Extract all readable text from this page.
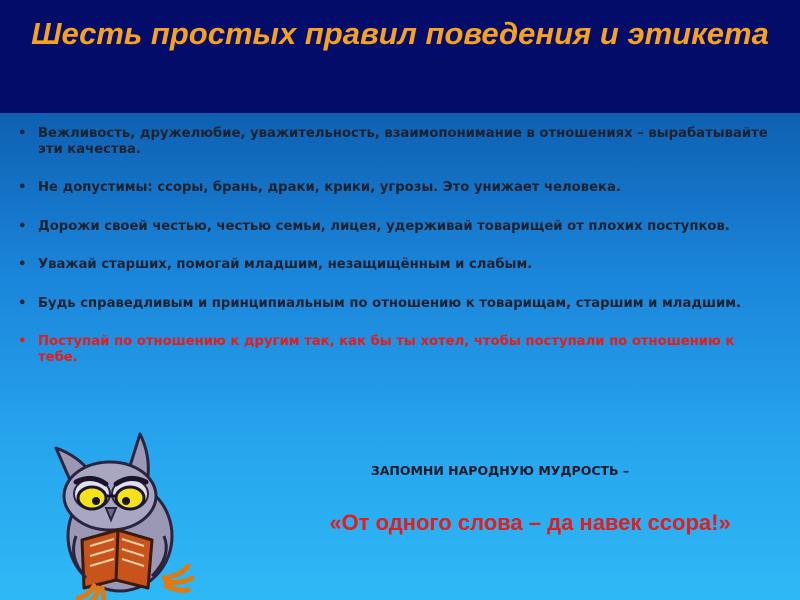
Шесть простых правил поведения и этикета
• Вежливость, дружелюбие, уважительность, взаимопонимание в отношениях – вырабатывайте эти качества.
• Не допустимы: ссоры, брань, драки, крики, угрозы. Это унижает человека.
• Дорожи своей честью, честью семьи, лицея, удерживай товарищей от плохих поступков.
• Уважай старших, помогай младшим, незащищённым и слабым.
• Будь справедливым и принципиальным по отношению к товарищам, старшим и младшим.
• Поступай по отношению к другим так, как бы ты хотел, чтобы поступали по отношению к тебе.
ЗАПОМНИ НАРОДНУЮ МУДРОСТЬ –
«От одного слова – да навек ссора!»
